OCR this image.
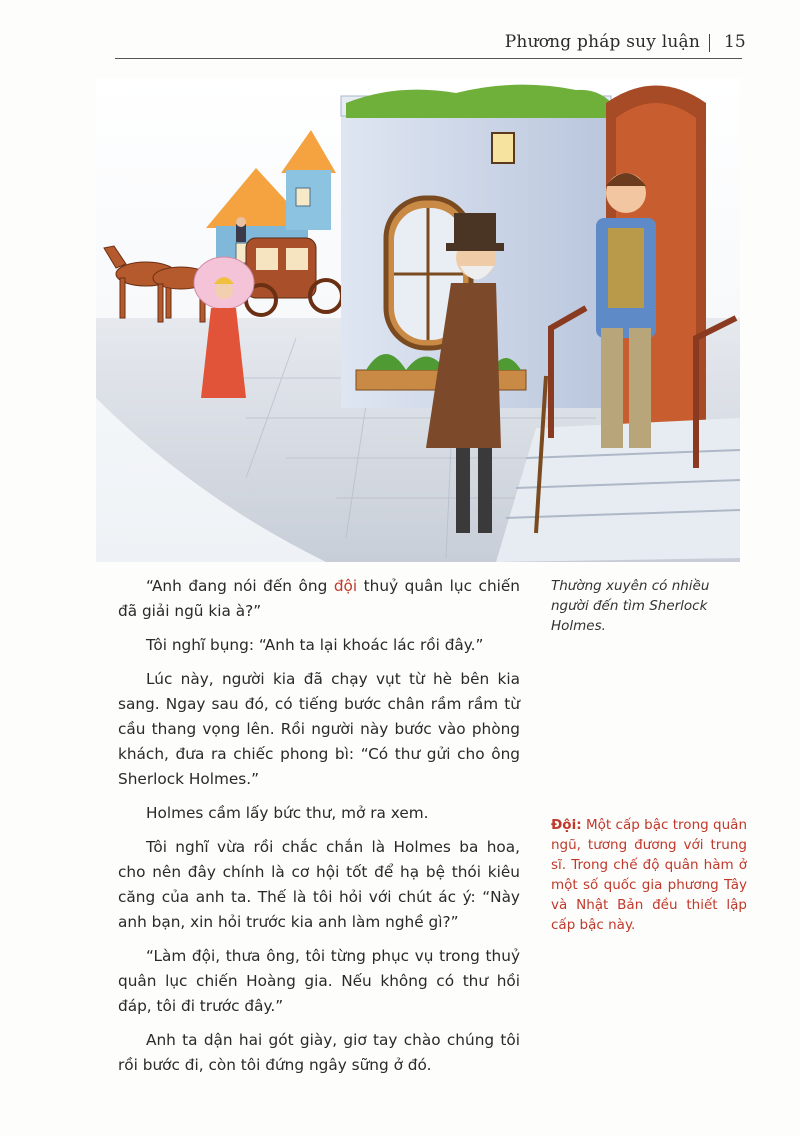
Phương pháp suy luận 15
Thường xuyên có nhiều người đến tìm Sherlock Holmes.

“Anh đang nói đến ông đội thuỷ quân lục chiến đã giải ngũ kia à?”

Tôi nghĩ bụng: “Anh ta lại khoác lác rồi đây.”

Lúc này, người kia đã chạy vụt từ hè bên kia sang. Ngay sau đó, có tiếng bước chân rầm rầm từ cầu thang vọng lên. Rồi người này bước vào phòng khách, đưa ra chiếc phong bì: “Có thư gửi cho ông Sherlock Holmes.”

Holmes cầm lấy bức thư, mở ra xem.

Tôi nghĩ vừa rồi chắc chắn là Holmes ba hoa, cho nên đây chính là cơ hội tốt để hạ bệ thói kiêu căng của anh ta. Thế là tôi hỏi với chút ác ý: “Này anh bạn, xin hỏi trước kia anh làm nghề gì?”

“Làm đội, thưa ông, tôi từng phục vụ trong thuỷ quân lục chiến Hoàng gia. Nếu không có thư hồi đáp, tôi đi trước đây.”

Anh ta dận hai gót giày, giơ tay chào chúng tôi rồi bước đi, còn tôi đứng ngây sững ở đó.

Đội: Một cấp bậc trong quân ngũ, tương đương với trung sĩ. Trong chế độ quân hàm ở một số quốc gia phương Tây và Nhật Bản đều thiết lập cấp bậc này.
